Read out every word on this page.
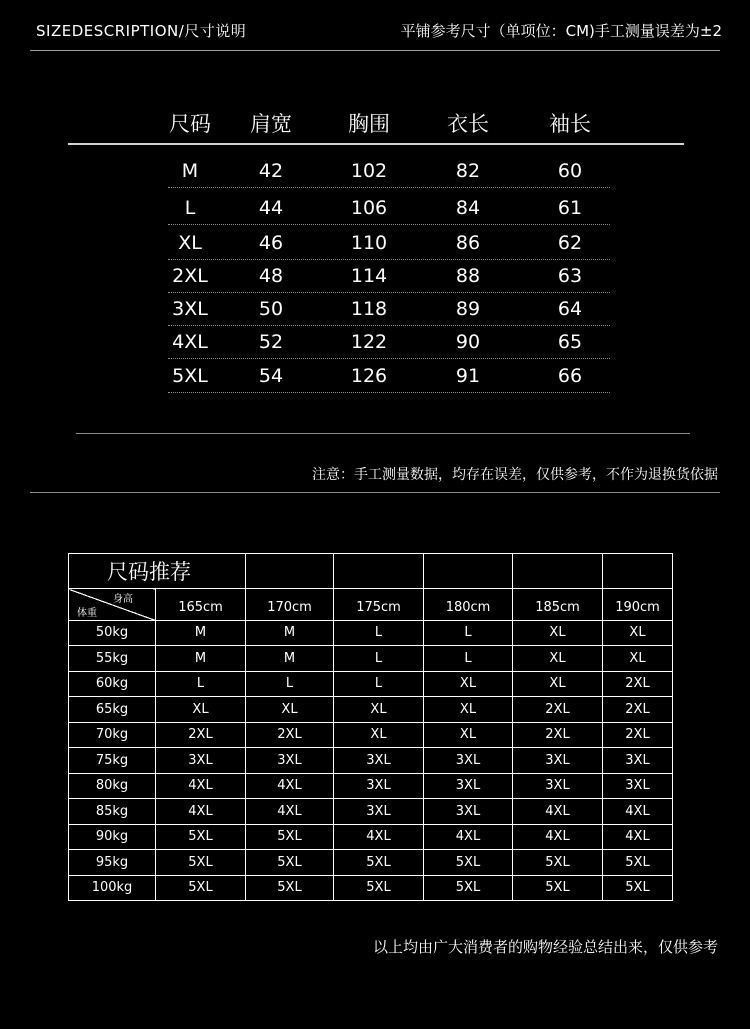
SIZEDESCRIPTION/尺寸说明	平铺参考尺寸（单项位：CM)手工测量误差为±2
尺码 肩宽	胸围	衣长	袖长
M	42	102	82	60
L	44	106	84	61
XL	46	110	86	62
2XL	48	114	88	63
3XL	50	118	89	64
4XL	52	122	90	65
5XL	54	126	91	66
注意：手工测量数据，均存在误差，仅供参考，不作为退换货依据
尺码推荐						

身高
体重	165cm	170cm	175cm	180cm	185cm	190cm
50kg	M	M	L	L	XL	XL
55kg	M	M	L	L	XL	XL
60kg	L	L	L	XL	XL	2XL
65kg	XL	XL	XL	XL	2XL	2XL
70kg	2XL	2XL	XL	XL	2XL	2XL
75kg	3XL	3XL	3XL	3XL	3XL	3XL
80kg	4XL	4XL	3XL	3XL	3XL	3XL
85kg	4XL	4XL	3XL	3XL	4XL	4XL
90kg	5XL	5XL	4XL	4XL	4XL	4XL
95kg	5XL	5XL	5XL	5XL	5XL	5XL
100kg	5XL	5XL	5XL	5XL	5XL	5XL
以上均由广大消费者的购物经验总结出来，仅供参考
